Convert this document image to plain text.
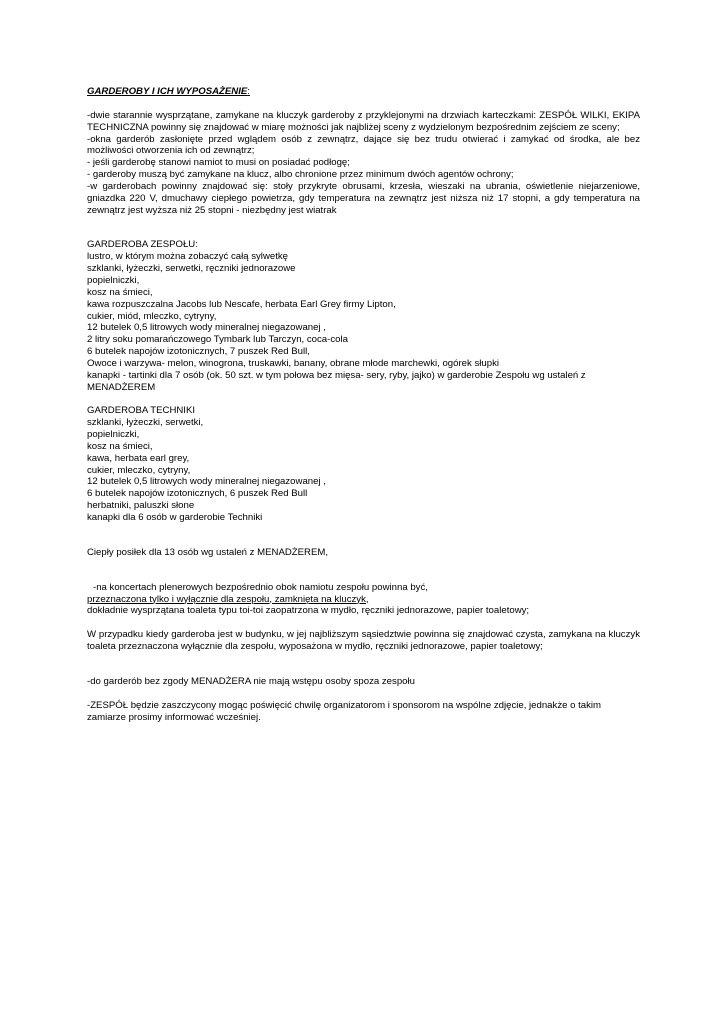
GARDEROBY I ICH WYPOSAŻENIE:

-dwie starannie wysprzątane, zamykane na kluczyk garderoby z przyklejonymi na drzwiach karteczkami: ZESPÓŁ WILKI, EKIPA TECHNICZNA powinny się znajdować w miarę możności jak najbliżej sceny z wydzielonym bezpośrednim zejściem ze sceny;

-okna garderób zasłonięte przed wglądem osób z zewnątrz, dające się bez trudu otwierać i zamykać od środka, ale bez możliwości otworzenia ich od zewnątrz;

- jeśli garderobę stanowi namiot to musi on posiadać podłogę;

- garderoby muszą być zamykane na klucz, albo chronione przez minimum dwóch agentów ochrony;

-w garderobach powinny znajdować się: stoły przykryte obrusami, krzesła, wieszaki na ubrania, oświetlenie niejarzeniowe, gniazdka 220 V, dmuchawy ciepłego powietrza, gdy temperatura na zewnątrz jest niższa niż 17 stopni, a gdy temperatura na zewnątrz jest wyższa niż 25 stopni - niezbędny jest wiatrak

GARDEROBA ZESPOŁU:

lustro, w którym można zobaczyć całą sylwetkę

szklanki, łyżeczki, serwetki, ręczniki jednorazowe

popielniczki,

kosz na śmieci,

kawa rozpuszczalna Jacobs lub Nescafe, herbata Earl Grey firmy Lipton,

cukier, miód, mleczko, cytryny,

12 butelek 0,5 litrowych wody mineralnej niegazowanej ,

2 litry soku pomarańczowego Tymbark lub Tarczyn, coca-cola

6 butelek napojów izotonicznych, 7 puszek Red Bull,

Owoce i warzywa- melon, winogrona, truskawki, banany, obrane młode marchewki, ogórek słupki

kanapki - tartinki dla 7 osób (ok. 50 szt. w tym połowa bez mięsa- sery, ryby, jajko) w garderobie Zespołu wg ustaleń z MENADŻEREM

GARDEROBA TECHNIKI

szklanki, łyżeczki, serwetki,

popielniczki,

kosz na śmieci,

kawa, herbata earl grey,

cukier, mleczko, cytryny,

12 butelek 0,5 litrowych wody mineralnej niegazowanej ,

6 butelek napojów izotonicznych, 6 puszek Red Bull

herbatniki, paluszki słone

kanapki dla 6 osób w garderobie Techniki

Ciepły posiłek dla 13 osób wg ustaleń z MENADŻEREM,

-na koncertach plenerowych bezpośrednio obok namiotu zespołu powinna być,

przeznaczona tylko i wyłącznie dla zespołu, zamknięta na kluczyk,

dokładnie wysprzątana toaleta typu toi-toi zaopatrzona w mydło, ręczniki jednorazowe, papier toaletowy;

W przypadku kiedy garderoba jest w budynku, w jej najbliższym sąsiedztwie powinna się znajdować czysta, zamykana na kluczyk toaleta przeznaczona wyłącznie dla zespołu, wyposażona w mydło, ręczniki jednorazowe, papier toaletowy;

-do garderób bez zgody MENADŻERA nie mają wstępu osoby spoza zespołu

-ZESPÓŁ będzie zaszczycony mogąc poświęcić chwilę organizatorom i sponsorom na wspólne zdjęcie, jednakże o takim zamiarze prosimy informować wcześniej.
